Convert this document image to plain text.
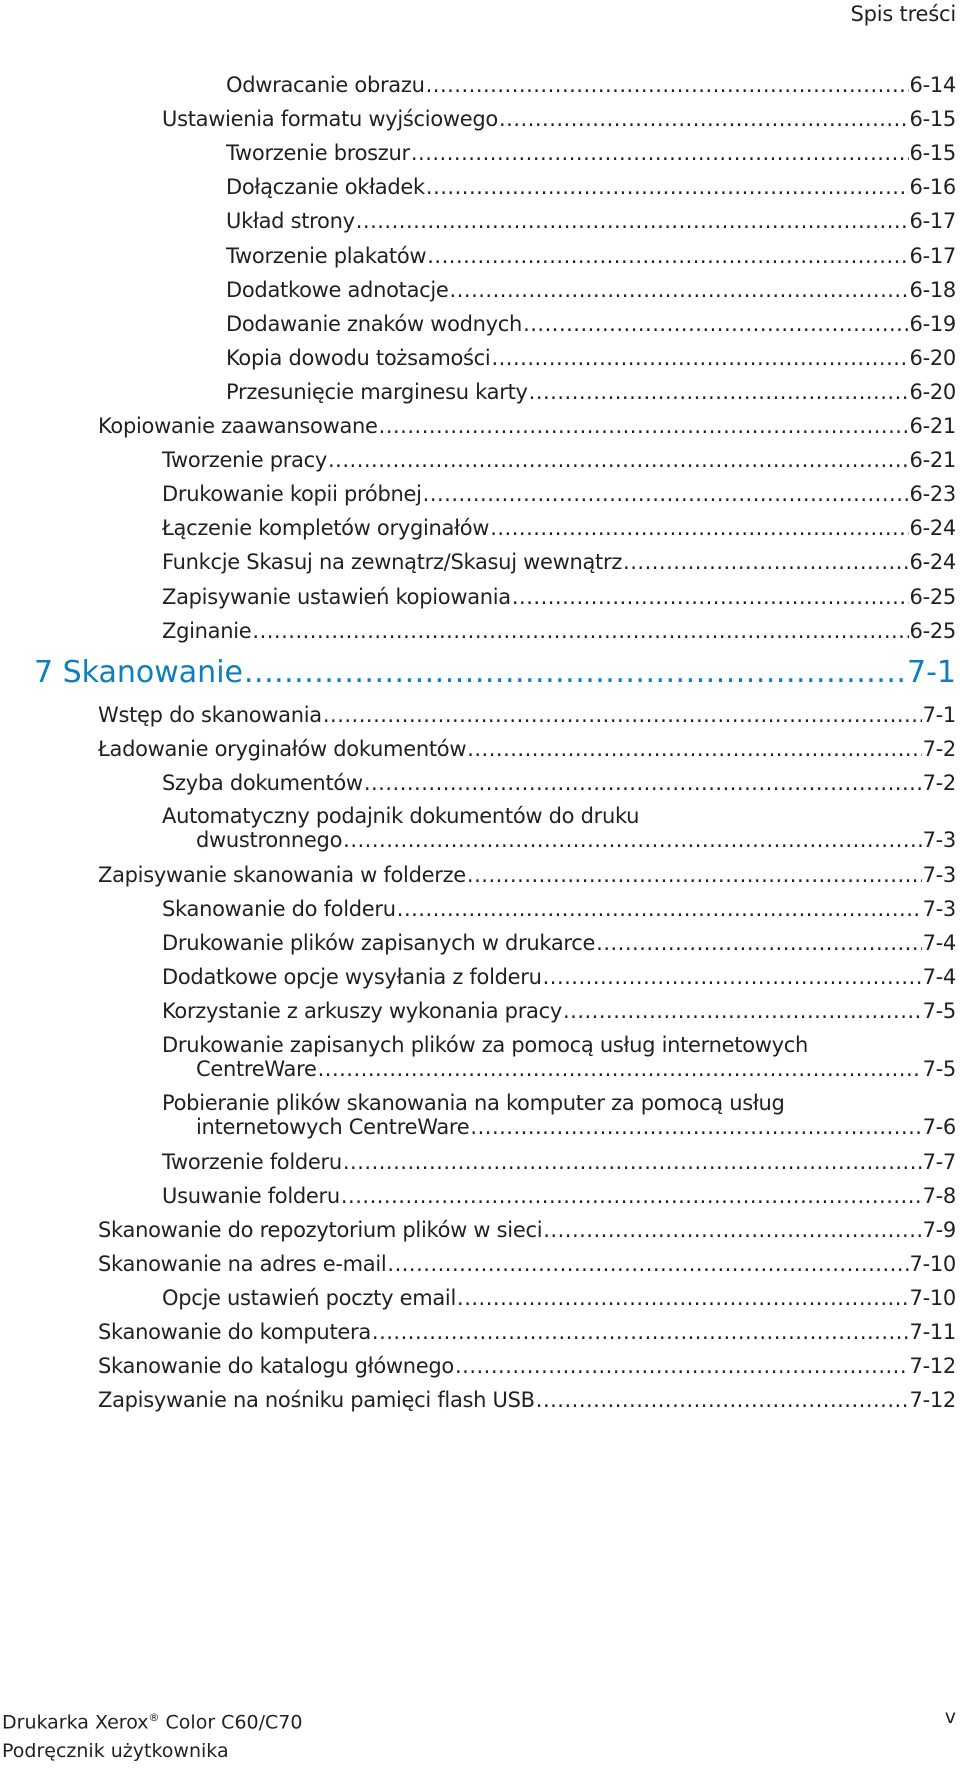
Spis treści
Odwracanie obrazu .....	6-14
Ustawienia formatu wyjściowego .....	6-15
Tworzenie broszur .....	6-15
Dołączanie okładek .....	6-16
Układ strony .....	6-17
Tworzenie plakatów .....	6-17
Dodatkowe adnotacje .....	6-18
Dodawanie znaków wodnych .....	6-19
Kopia dowodu tożsamości .....	6-20
Przesunięcie marginesu karty .....	6-20
Kopiowanie zaawansowane .....	6-21
Tworzenie pracy .....	6-21
Drukowanie kopii próbnej .....	6-23
Łączenie kompletów oryginałów .....	6-24
Funkcje Skasuj na zewnątrz/Skasuj wewnątrz .....	6-24
Zapisywanie ustawień kopiowania .....	6-25
Zginanie .....	6-25
7 Skanowanie .....	7-1
Wstęp do skanowania .....	7-1
Ładowanie oryginałów dokumentów .....	7-2
Szyba dokumentów .....	7-2
Automatyczny podajnik dokumentów do druku
dwustronnego .....	7-3
Zapisywanie skanowania w folderze .....	7-3
Skanowanie do folderu .....	7-3
Drukowanie plików zapisanych w drukarce .....	7-4
Dodatkowe opcje wysyłania z folderu .....	7-4
Korzystanie z arkuszy wykonania pracy .....	7-5
Drukowanie zapisanych plików za pomocą usług internetowych
CentreWare .....	7-5
Pobieranie plików skanowania na komputer za pomocą usług
internetowych CentreWare .....	7-6
Tworzenie folderu .....	7-7
Usuwanie folderu .....	7-8
Skanowanie do repozytorium plików w sieci .....	7-9
Skanowanie na adres e-mail .....	7-10
Opcje ustawień poczty email .....	7-10
Skanowanie do komputera .....	7-11
Skanowanie do katalogu głównego .....	7-12
Zapisywanie na nośniku pamięci flash USB .....	7-12
Drukarka Xerox® Color C60/C70
Podręcznik użytkownika
v
